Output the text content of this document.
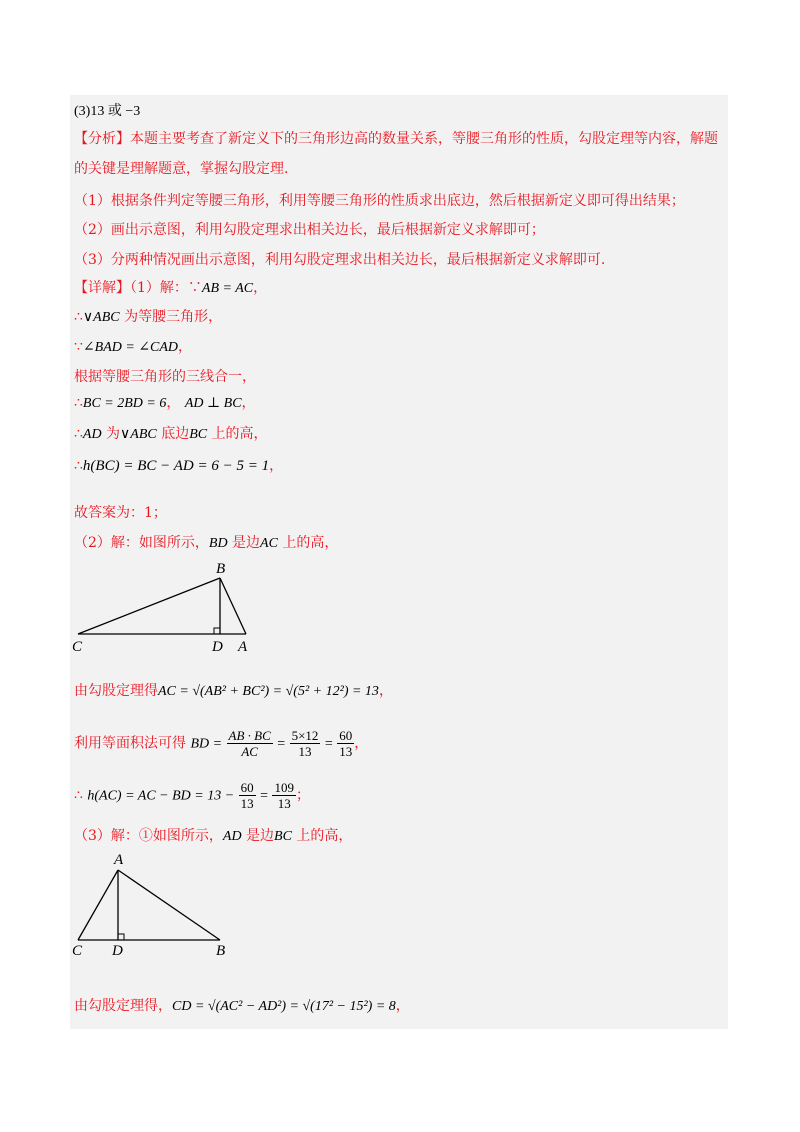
(3)13 或 −3
【分析】本题主要考查了新定义下的三角形边高的数量关系，等腰三角形的性质，勾股定理等内容，解题
的关键是理解题意，掌握勾股定理.
（1）根据条件判定等腰三角形，利用等腰三角形的性质求出底边，然后根据新定义即可得出结果；
（2）画出示意图，利用勾股定理求出相关边长，最后根据新定义求解即可；
（3）分两种情况画出示意图，利用勾股定理求出相关边长，最后根据新定义求解即可.
【详解】（1）解：∵AB = AC，
∴∨ABC 为等腰三角形，
∵∠BAD = ∠CAD，
根据等腰三角形的三线合一，
∴BC = 2BD = 6， AD ⊥ BC，
∴AD 为∨ABC 底边BC 上的高，
∴h(BC) = BC − AD = 6 − 5 = 1，
故答案为：1；
（2）解：如图所示，BD 是边AC 上的高，
B
C	D A
由勾股定理得AC = √(AB² + BC²) = √(5² + 12²) = 13，
利用等面积法可得 BD = $\frac{AB \cdot BC}{AC} = \frac{5\times 12}{13} = \frac{60}{13}$ ，
∴ h(AC) = AC − BD = $13 - \frac{60}{13} = \frac{109}{13}$ ；
（3）解：①如图所示，AD 是边BC 上的高，
A
C D	B
由勾股定理得，CD = √(AC² − AD²) = √(17² − 15²) = 8，
